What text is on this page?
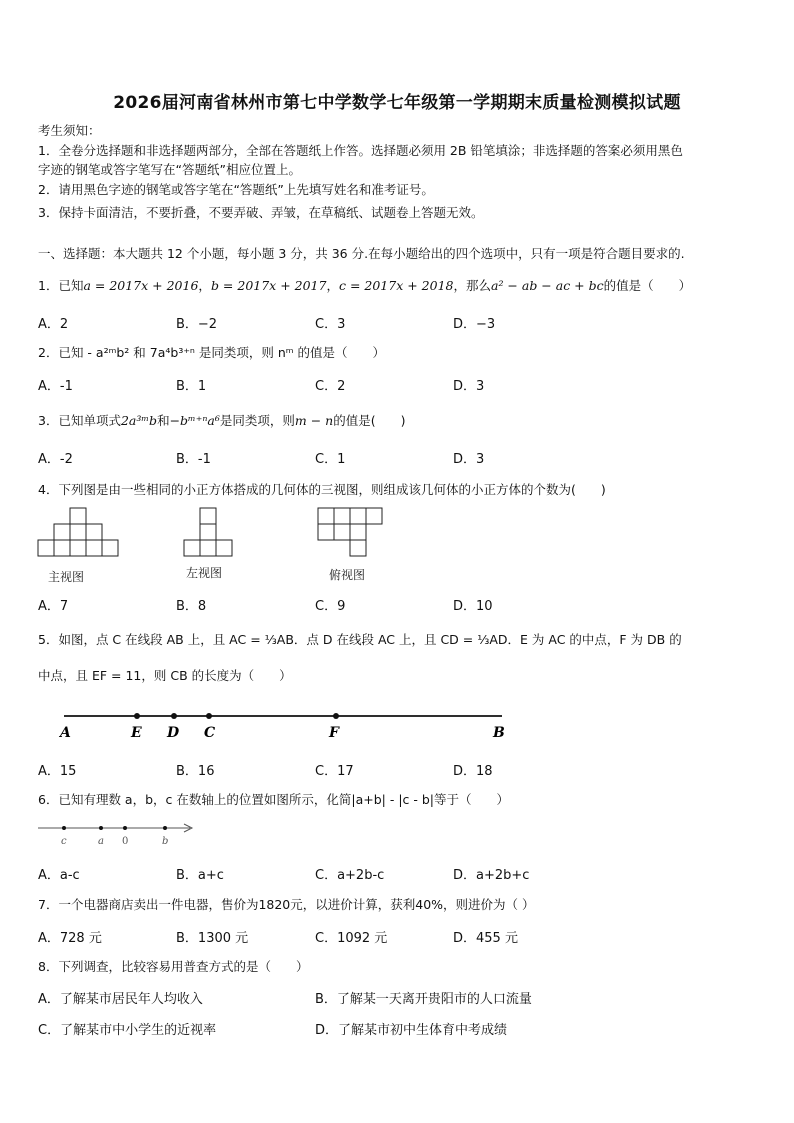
2026届河南省林州市第七中学数学七年级第一学期期末质量检测模拟试题
考生须知：
1．全卷分选择题和非选择题两部分，全部在答题纸上作答。选择题必须用 2B 铅笔填涂；非选择题的答案必须用黑色
字迹的钢笔或答字笔写在“答题纸”相应位置上。
2．请用黑色字迹的钢笔或答字笔在“答题纸”上先填写姓名和准考证号。
3．保持卡面清洁，不要折叠，不要弄破、弄皱，在草稿纸、试题卷上答题无效。
一、选择题：本大题共 12 个小题，每小题 3 分，共 36 分.在每小题给出的四个选项中，只有一项是符合题目要求的.
1．已知a = 2017x + 2016，b = 2017x + 2017，c = 2017x + 2018，那么a² − ab − ac + bc的值是（　　）
A．2	B．−2	C．3	D．−3
2．已知 - a²ᵐb² 和 7a⁴b³⁺ⁿ 是同类项，则 nᵐ 的值是（　　）
A．-1	B．1	C．2	D．3
3．已知单项式2a³ᵐb和−bᵐ⁺ⁿa⁶是同类项，则m − n的值是(　　)
A．-2	B．-1	C．1	D．3
4．下列图是由一些相同的小正方体搭成的几何体的三视图，则组成该几何体的小正方体的个数为(　　)
主视图	左视图	俯视图
A．7	B．8	C．9	D．10
5．如图，点 C 在线段 AB 上，且 AC = ⅓AB．点 D 在线段 AC 上，且 CD = ⅓AD．E 为 AC 的中点，F 为 DB 的
中点，且 EF = 11，则 CB 的长度为（　　）
A	E D C	F	B
A．15	B．16	C．17	D．18
6．已知有理数 a，b，c 在数轴上的位置如图所示，化简|a+b| - |c - b|等于（　　）
c	a 0	b
A．a-c	B．a+c	C．a+2b-c	D．a+2b+c
7．一个电器商店卖出一件电器，售价为1820元，以进价计算，获利40%，则进价为（ ）
A．728 元	B．1300 元	C．1092 元	D．455 元
8．下列调查，比较容易用普查方式的是（　　）
A．了解某市居民年人均收入	B．了解某一天离开贵阳市的人口流量
C．了解某市中小学生的近视率	D．了解某市初中生体育中考成绩
